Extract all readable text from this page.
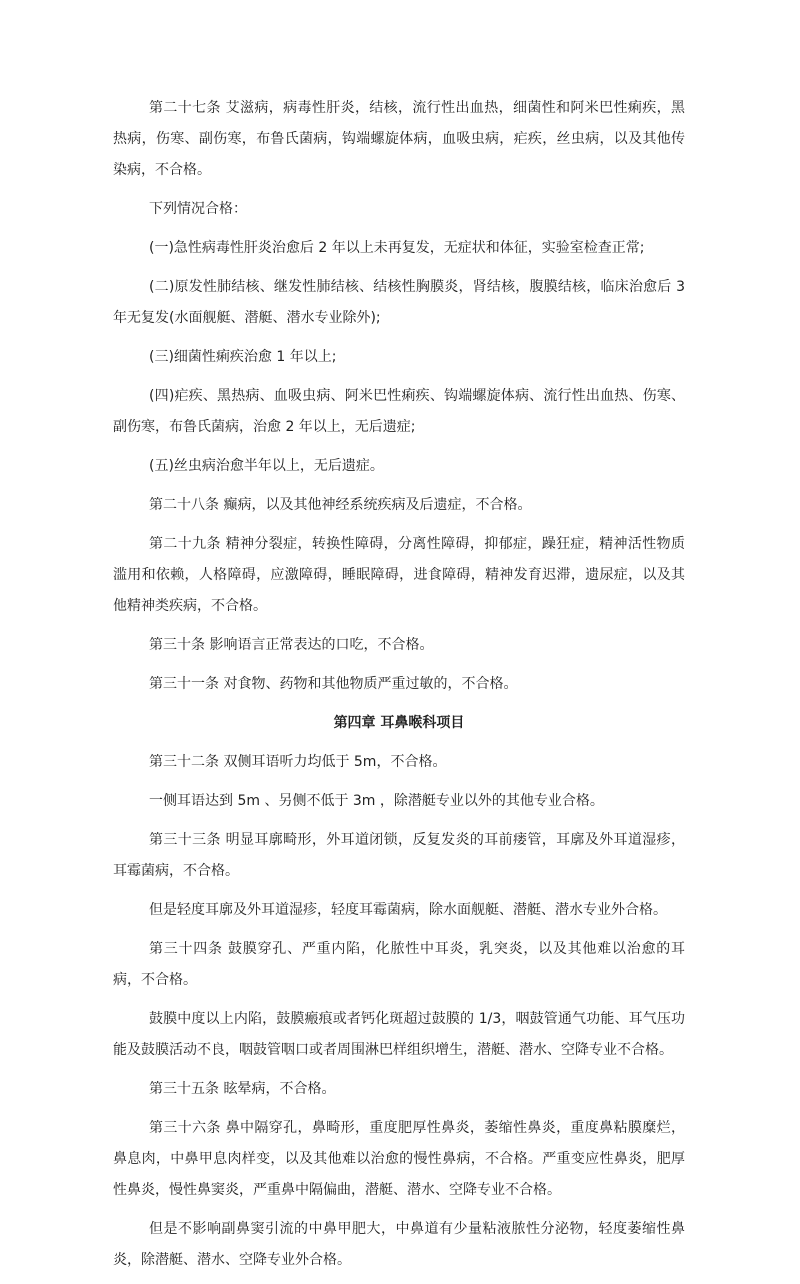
第二十七条 艾滋病，病毒性肝炎，结核，流行性出血热，细菌性和阿米巴性痢疾，黑热病，伤寒、副伤寒，布鲁氏菌病，钩端螺旋体病，血吸虫病，疟疾，丝虫病，以及其他传染病，不合格。

下列情况合格：

(一)急性病毒性肝炎治愈后 2 年以上未再复发，无症状和体征，实验室检查正常;

(二)原发性肺结核、继发性肺结核、结核性胸膜炎，肾结核，腹膜结核，临床治愈后 3 年无复发(水面舰艇、潜艇、潜水专业除外);

(三)细菌性痢疾治愈 1 年以上;

(四)疟疾、黑热病、血吸虫病、阿米巴性痢疾、钩端螺旋体病、流行性出血热、伤寒、副伤寒，布鲁氏菌病，治愈 2 年以上，无后遗症;

(五)丝虫病治愈半年以上，无后遗症。

第二十八条 癫病，以及其他神经系统疾病及后遗症，不合格。

第二十九条 精神分裂症，转换性障碍，分离性障碍，抑郁症，躁狂症，精神活性物质滥用和依赖，人格障碍，应激障碍，睡眠障碍，进食障碍，精神发育迟滞，遗尿症，以及其他精神类疾病，不合格。

第三十条 影响语言正常表达的口吃，不合格。

第三十一条 对食物、药物和其他物质严重过敏的，不合格。

第四章 耳鼻喉科项目

第三十二条 双侧耳语听力均低于 5m，不合格。

一侧耳语达到 5m 、另侧不低于 3m ，除潜艇专业以外的其他专业合格。

第三十三条 明显耳廓畸形，外耳道闭锁，反复发炎的耳前瘘管，耳廓及外耳道湿疹，耳霉菌病，不合格。

但是轻度耳廓及外耳道湿疹，轻度耳霉菌病，除水面舰艇、潜艇、潜水专业外合格。

第三十四条 鼓膜穿孔、严重内陷，化脓性中耳炎，乳突炎，以及其他难以治愈的耳病，不合格。

鼓膜中度以上内陷，鼓膜瘢痕或者钙化斑超过鼓膜的 1/3，咽鼓管通气功能、耳气压功能及鼓膜活动不良，咽鼓管咽口或者周围淋巴样组织增生，潜艇、潜水、空降专业不合格。

第三十五条 眩晕病，不合格。

第三十六条 鼻中隔穿孔，鼻畸形，重度肥厚性鼻炎，萎缩性鼻炎，重度鼻粘膜糜烂，鼻息肉，中鼻甲息肉样变，以及其他难以治愈的慢性鼻病，不合格。严重变应性鼻炎，肥厚性鼻炎，慢性鼻窦炎，严重鼻中隔偏曲，潜艇、潜水、空降专业不合格。

但是不影响副鼻窦引流的中鼻甲肥大，中鼻道有少量粘液脓性分泌物，轻度萎缩性鼻炎，除潜艇、潜水、空降专业外合格。
